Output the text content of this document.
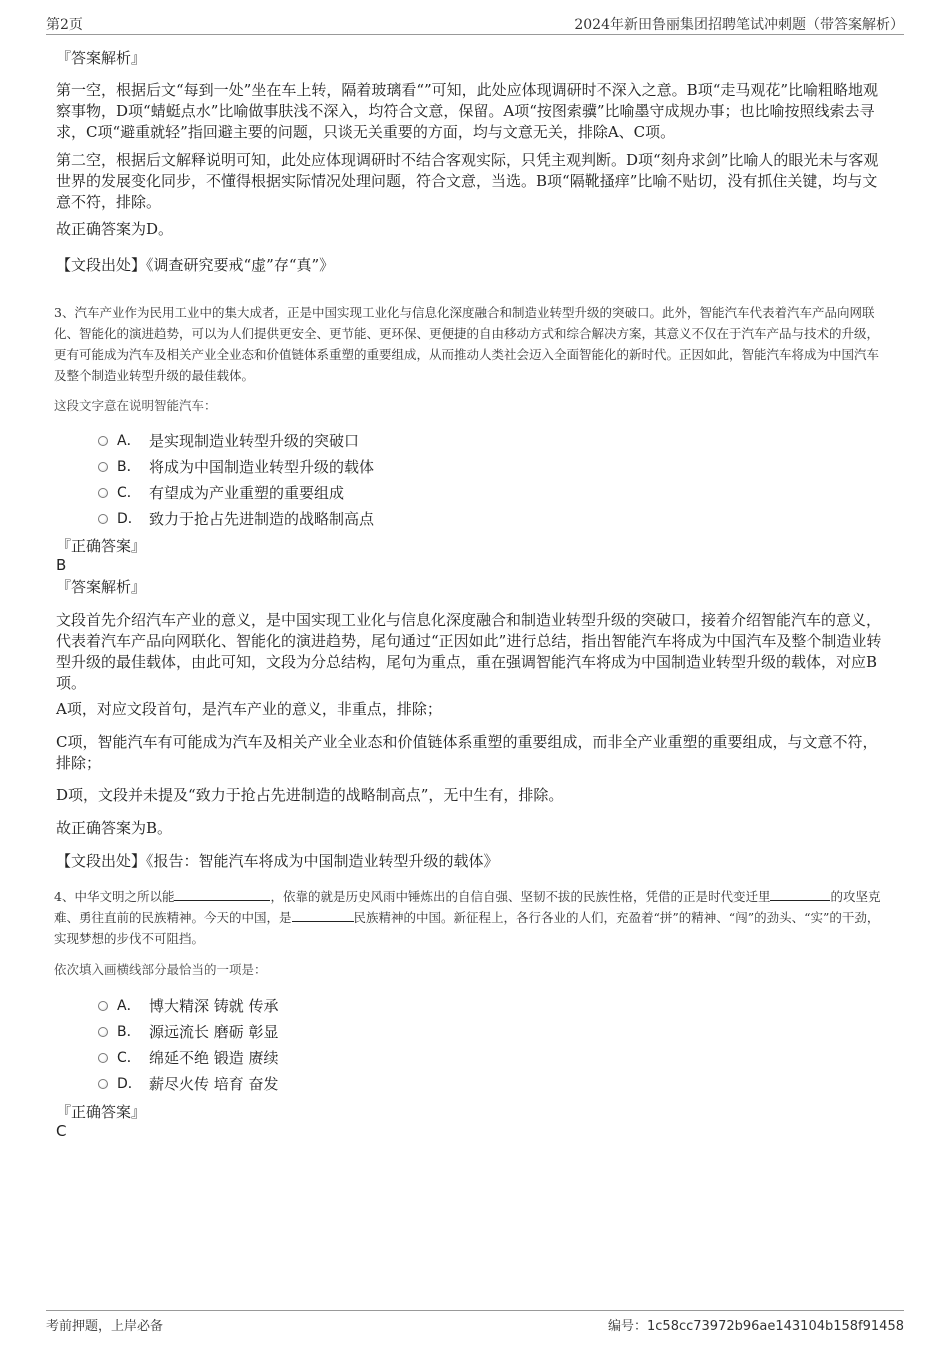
第2页	2024年新田鲁丽集团招聘笔试冲刺题（带答案解析）

『答案解析』

第一空，根据后文“每到一处”坐在车上转，隔着玻璃看“”可知，此处应体现调研时不深入之意。B项“走马观花”比喻粗略地观察事物，D项“蜻蜓点水”比喻做事肤浅不深入，均符合文意，保留。A项“按图索骥”比喻墨守成规办事；也比喻按照线索去寻求，C项“避重就轻”指回避主要的问题，只谈无关重要的方面，均与文意无关，排除A、C项。

第二空，根据后文解释说明可知，此处应体现调研时不结合客观实际，只凭主观判断。D项“刻舟求剑”比喻人的眼光未与客观世界的发展变化同步，不懂得根据实际情况处理问题，符合文意，当选。B项“隔靴搔痒”比喻不贴切，没有抓住关键，均与文意不符，排除。

故正确答案为D。

【文段出处】《调查研究要戒“虚”存“真”》

3、汽车产业作为民用工业中的集大成者，正是中国实现工业化与信息化深度融合和制造业转型升级的突破口。此外，智能汽车代表着汽车产品向网联化、智能化的演进趋势，可以为人们提供更安全、更节能、更环保、更便捷的自由移动方式和综合解决方案，其意义不仅在于汽车产品与技术的升级，更有可能成为汽车及相关产业全业态和价值链体系重塑的重要组成，从而推动人类社会迈入全面智能化的新时代。正因如此，智能汽车将成为中国汽车及整个制造业转型升级的最佳载体。

这段文字意在说明智能汽车：

A． 是实现制造业转型升级的突破口
B． 将成为中国制造业转型升级的载体
C． 有望成为产业重塑的重要组成
D． 致力于抢占先进制造的战略制高点

『正确答案』

B

『答案解析』

文段首先介绍汽车产业的意义，是中国实现工业化与信息化深度融合和制造业转型升级的突破口，接着介绍智能汽车的意义，代表着汽车产品向网联化、智能化的演进趋势，尾句通过“正因如此”进行总结，指出智能汽车将成为中国汽车及整个制造业转型升级的最佳载体，由此可知，文段为分总结构，尾句为重点，重在强调智能汽车将成为中国制造业转型升级的载体，对应B项。

A项，对应文段首句，是汽车产业的意义，非重点，排除；

C项，智能汽车有可能成为汽车及相关产业全业态和价值链体系重塑的重要组成，而非全产业重塑的重要组成，与文意不符，排除；

D项，文段并未提及“致力于抢占先进制造的战略制高点”，无中生有，排除。

故正确答案为B。

【文段出处】《报告：智能汽车将成为中国制造业转型升级的载体》

4、中华文明之所以能	，依靠的就是历史风雨中锤炼出的自信自强、坚韧不拔的民族性格，凭借的正是时代变迁里	的攻坚克难、勇往直前的民族精神。今天的中国，是	民族精神的中国。新征程上，各行各业的人们，充盈着“拼”的精神、“闯”的劲头、“实”的干劲，实现梦想的步伐不可阻挡。

依次填入画横线部分最恰当的一项是：

A． 博大精深 铸就 传承
B． 源远流长 磨砺 彰显
C． 绵延不绝 锻造 赓续
D． 薪尽火传 培育 奋发

『正确答案』

C

考前押题，上岸必备	编号：1c58cc73972b96ae143104b158f91458
